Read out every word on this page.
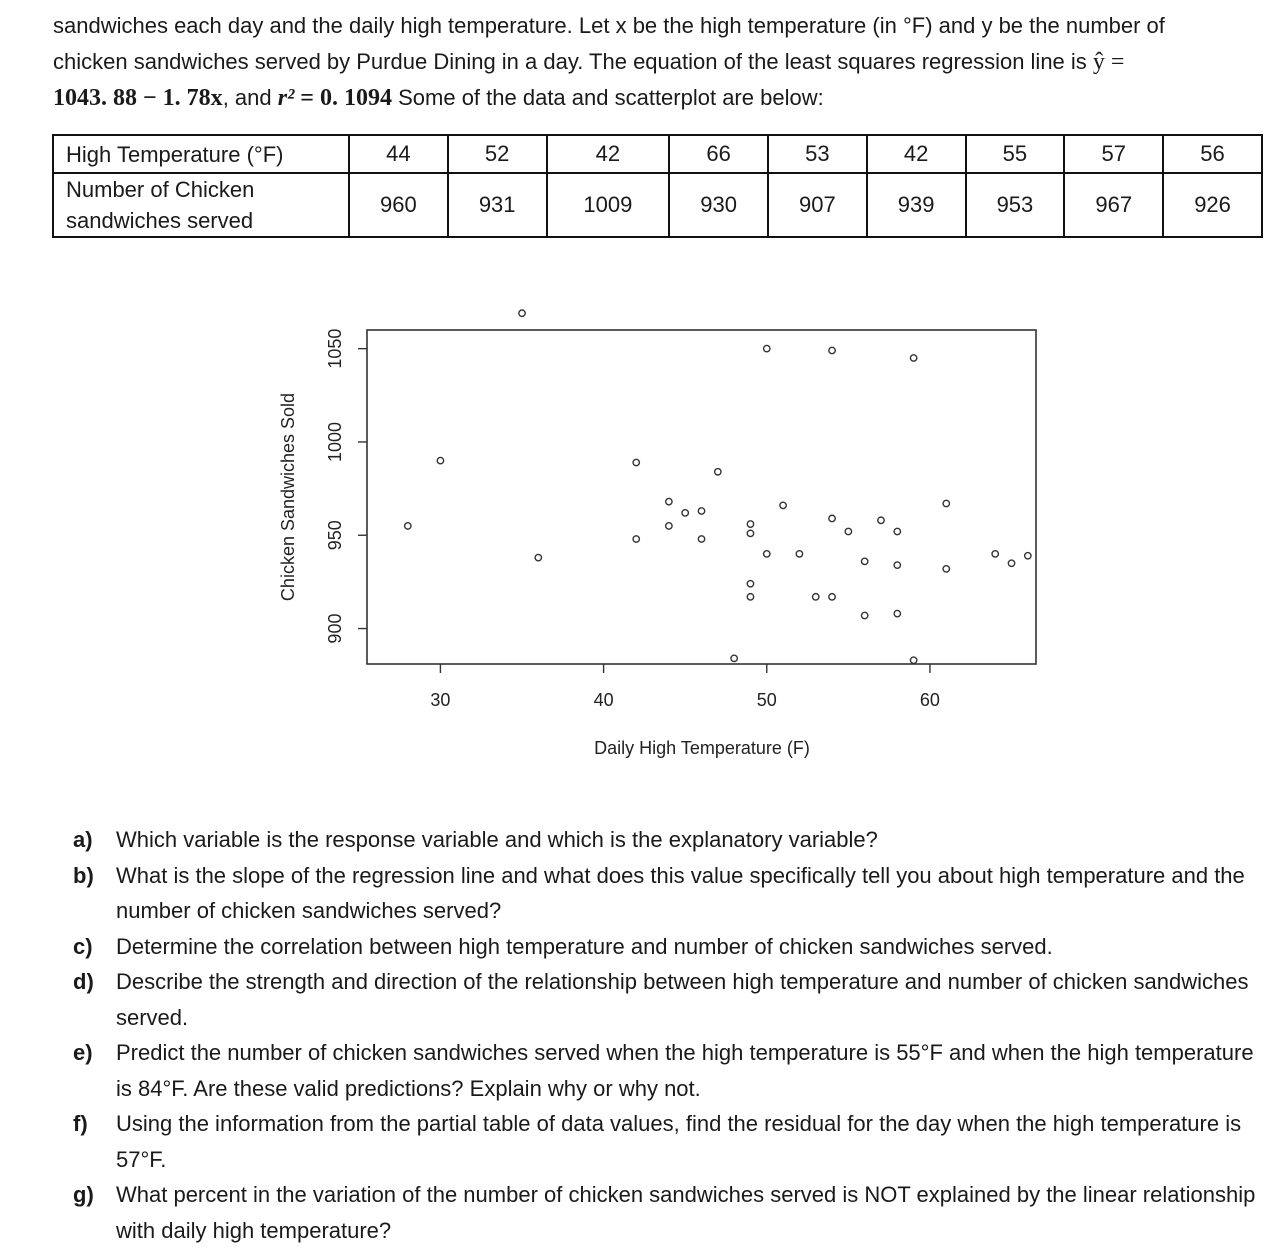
sandwiches each day and the daily high temperature. Let x be the high temperature (in °F) and y be the number of
chicken sandwiches served by Purdue Dining in a day. The equation of the least squares regression line is ŷ =
1043. 88 − 1. 78x, and r² = 0. 1094 Some of the data and scatterplot are below:
High Temperature (°F)	44	52	42	66	53	42	55	57	56
Number of Chicken sandwiches served	960	931	1009	930	907	939	953	967	926
30	40	50	60
900
950
1000
1050
Daily High Temperature (F)
Chicken Sandwiches Sold
a)	Which variable is the response variable and which is the explanatory variable?
b)	What is the slope of the regression line and what does this value specifically tell you about high temperature and the number of chicken sandwiches served?
c)	Determine the correlation between high temperature and number of chicken sandwiches served.
d)	Describe the strength and direction of the relationship between high temperature and number of chicken sandwiches served.
e)	Predict the number of chicken sandwiches served when the high temperature is 55°F and when the high temperature is 84°F. Are these valid predictions? Explain why or why not.
f)	Using the information from the partial table of data values, find the residual for the day when the high temperature is 57°F.
g)	What percent in the variation of the number of chicken sandwiches served is NOT explained by the linear relationship with daily high temperature?
